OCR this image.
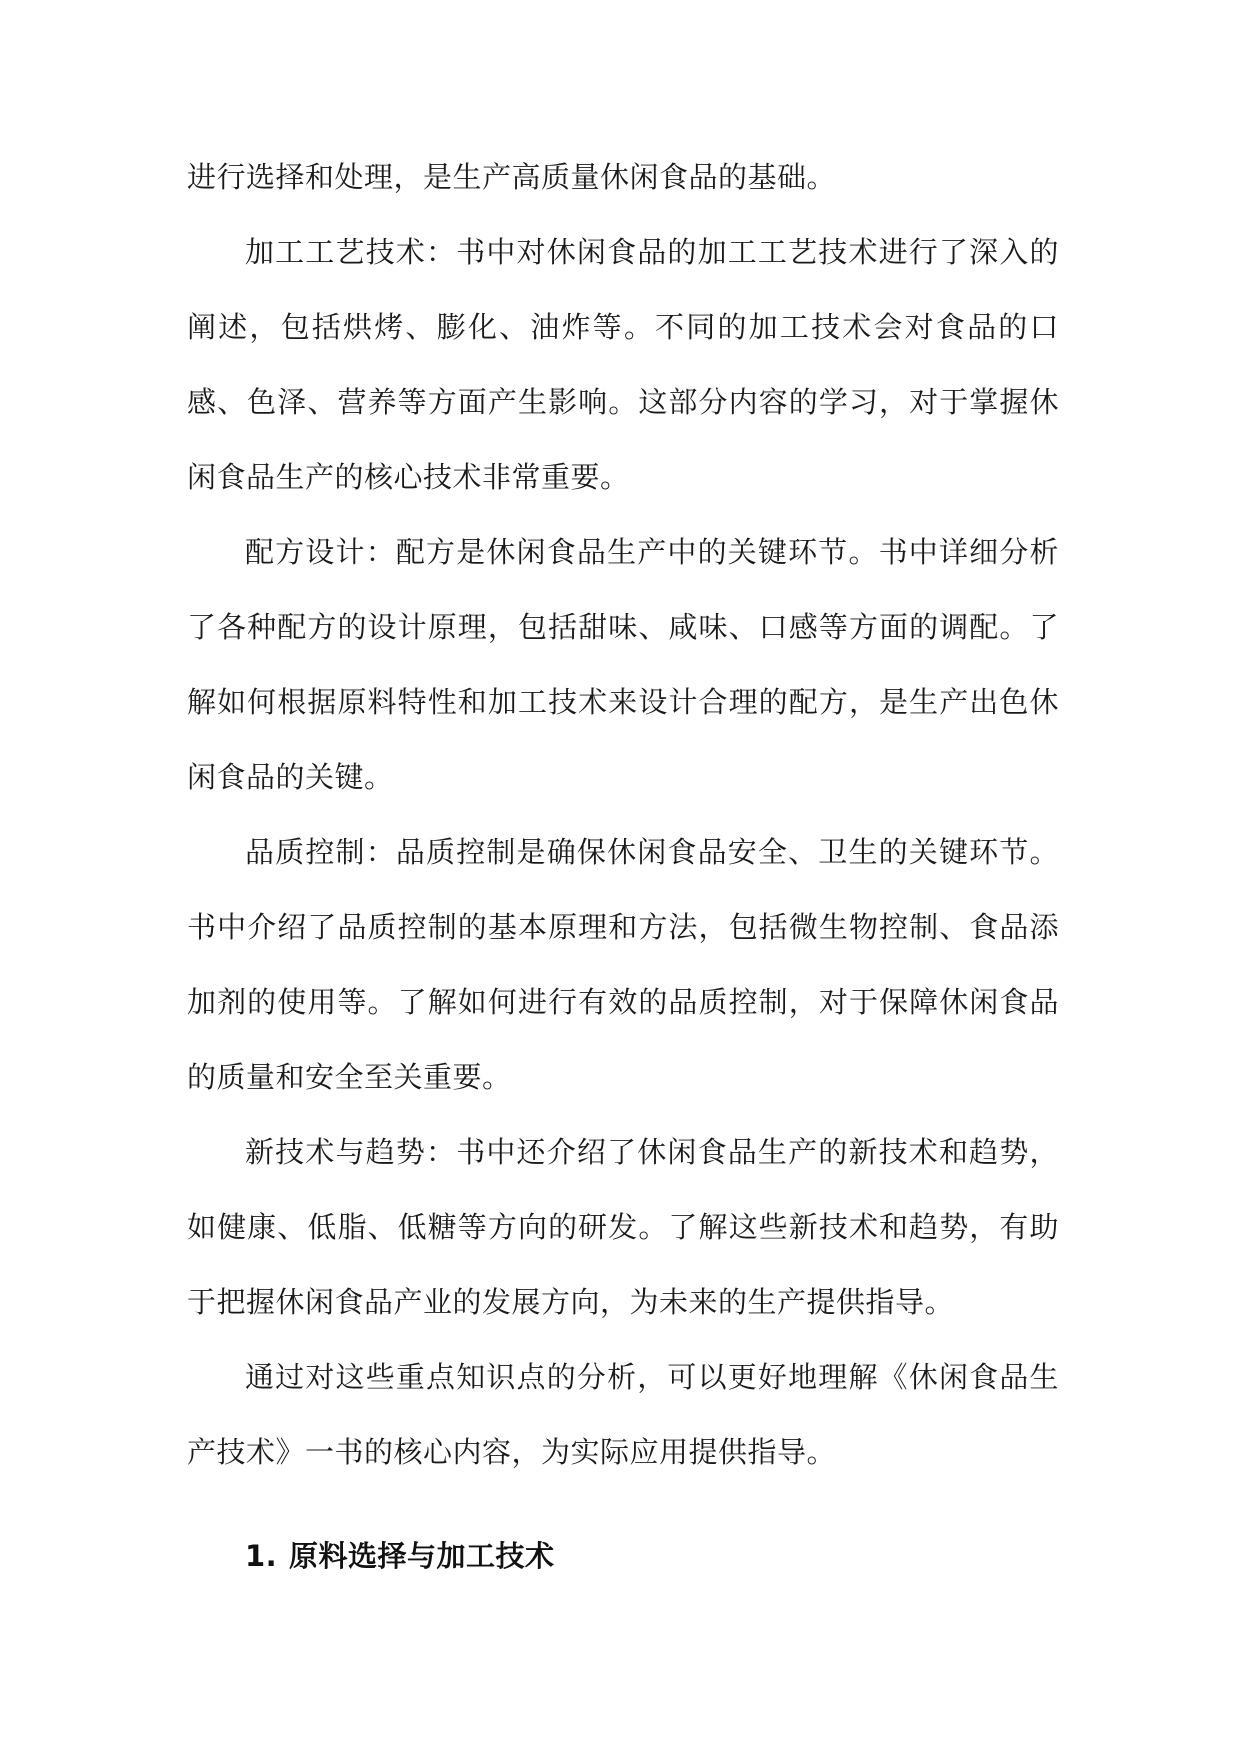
进行选择和处理，是生产高质量休闲食品的基础。

加工工艺技术：书中对休闲食品的加工工艺技术进行了深入的阐述，包括烘烤、膨化、油炸等。不同的加工技术会对食品的口感、色泽、营养等方面产生影响。这部分内容的学习，对于掌握休闲食品生产的核心技术非常重要。

配方设计：配方是休闲食品生产中的关键环节。书中详细分析了各种配方的设计原理，包括甜味、咸味、口感等方面的调配。了解如何根据原料特性和加工技术来设计合理的配方，是生产出色休闲食品的关键。

品质控制：品质控制是确保休闲食品安全、卫生的关键环节。书中介绍了品质控制的基本原理和方法，包括微生物控制、食品添加剂的使用等。了解如何进行有效的品质控制，对于保障休闲食品的质量和安全至关重要。

新技术与趋势：书中还介绍了休闲食品生产的新技术和趋势，如健康、低脂、低糖等方向的研发。了解这些新技术和趋势，有助于把握休闲食品产业的发展方向，为未来的生产提供指导。

通过对这些重点知识点的分析，可以更好地理解《休闲食品生产技术》一书的核心内容，为实际应用提供指导。

1. 原料选择与加工技术
